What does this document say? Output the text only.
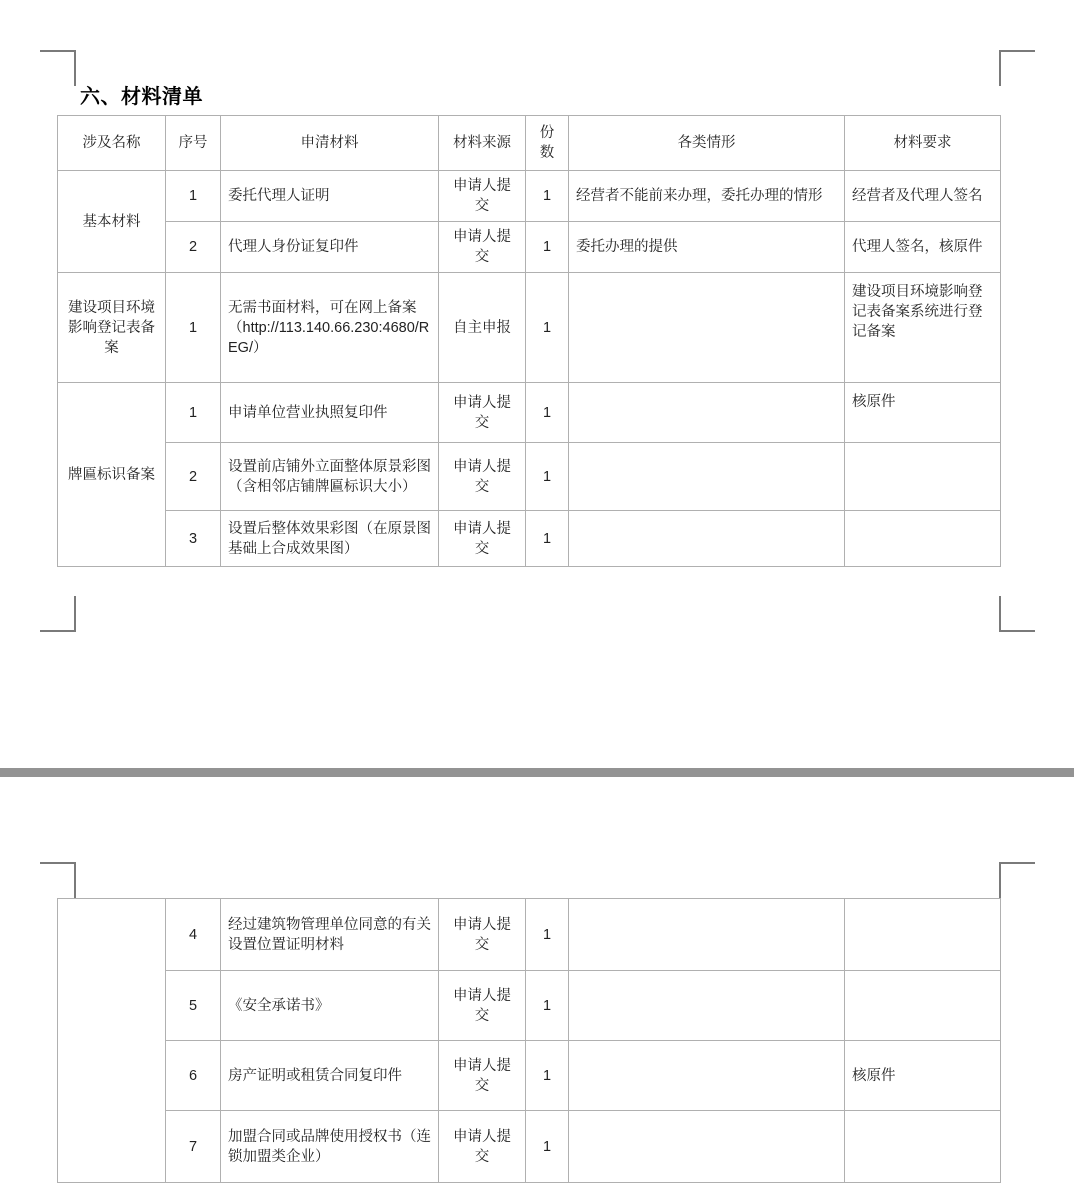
六、材料清单
涉及名称	序号	申清材料	材料来源	份数	各类情形	材料要求
基本材料	1	委托代理人证明	申请人提交	1	经营者不能前来办理，委托办理的情形	经营者及代理人签名
	2	代理人身份证复印件	申请人提交	1	委托办理的提供	代理人签名，核原件
建设项目环境影响登记表备案	1	无需书面材料，可在网上备案（http://113.140.66.230:4680/REG/）	自主申报	1		建设项目环境影响登记表备案系统进行登记备案
牌匾标识备案	1	申请单位营业执照复印件	申请人提交	1		核原件
	2	设置前店铺外立面整体原景彩图（含相邻店铺牌匾标识大小）	申请人提交	1		
	3	设置后整体效果彩图（在原景图基础上合成效果图）	申请人提交	1		
	4	经过建筑物管理单位同意的有关设置位置证明材料	申请人提交	1		
	5	《安全承诺书》	申请人提交	1		
	6	房产证明或租赁合同复印件	申请人提交	1		核原件
	7	加盟合同或品牌使用授权书（连锁加盟类企业）	申请人提交	1		
